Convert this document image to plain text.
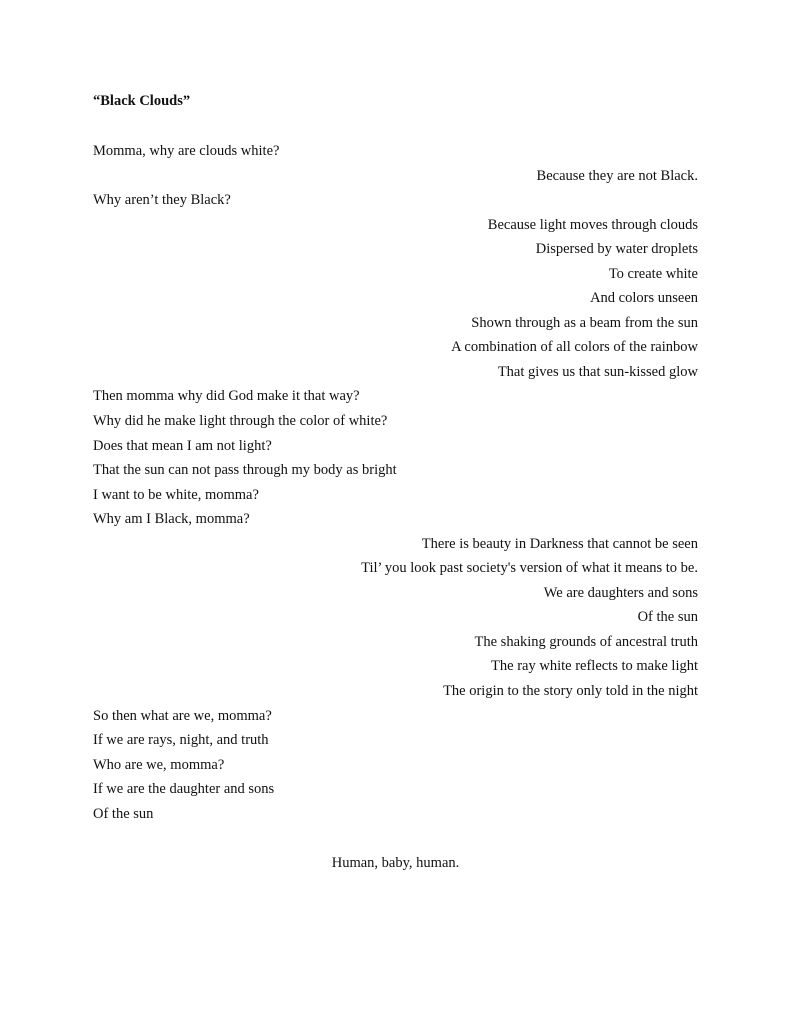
“Black Clouds”
Momma, why are clouds white?
Because they are not Black.
Why aren’t they Black?
Because light moves through clouds
Dispersed by water droplets
To create white
And colors unseen
Shown through as a beam from the sun
A combination of all colors of the rainbow
That gives us that sun-kissed glow
Then momma why did God make it that way?
Why did he make light through the color of white?
Does that mean I am not light?
That the sun can not pass through my body as bright
I want to be white, momma?
Why am I Black, momma?
There is beauty in Darkness that cannot be seen
Til’ you look past society's version of what it means to be.
We are daughters and sons
Of the sun
The shaking grounds of ancestral truth
The ray white reflects to make light
The origin to the story only told in the night
So then what are we, momma?
If we are rays, night, and truth
Who are we, momma?
If we are the daughter and sons
Of the sun
Human, baby, human.
